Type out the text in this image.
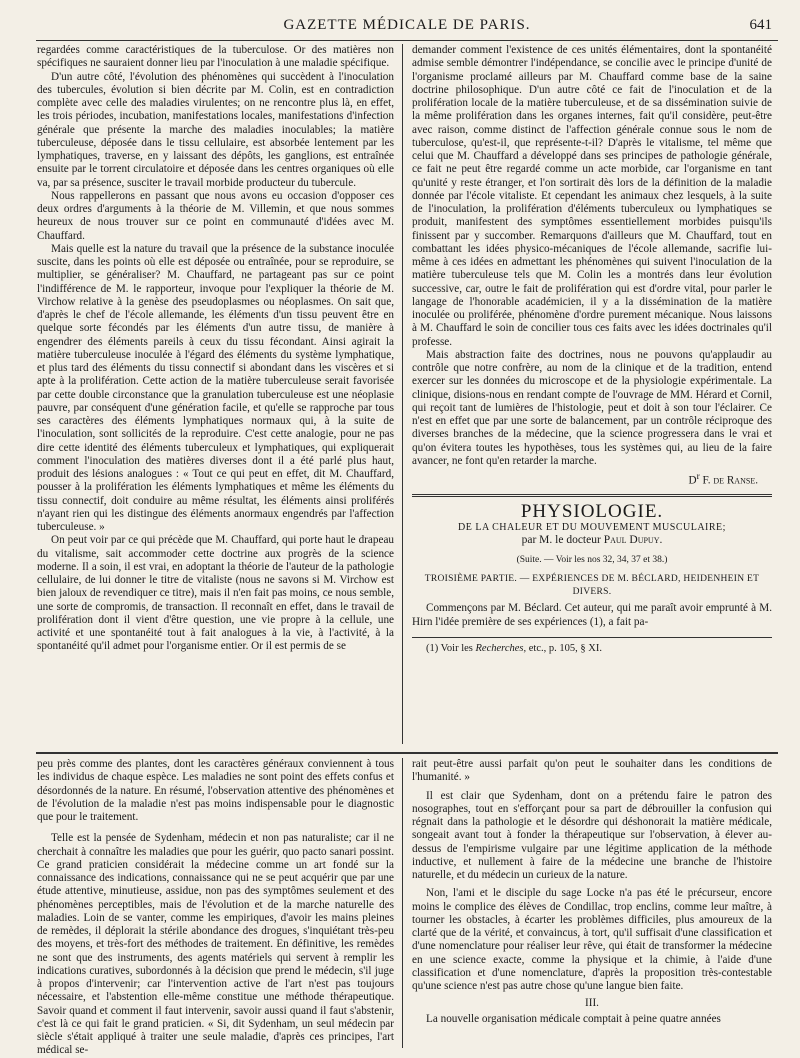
GAZETTE MÉDICALE DE PARIS.	641

regardées comme caractéristiques de la tuberculose. Or des matières non spécifiques ne sauraient donner lieu par l'inoculation à une maladie spécifique.

D'un autre côté, l'évolution des phénomènes qui succèdent à l'inoculation des tubercules, évolution si bien décrite par M. Colin, est en contradiction complète avec celle des maladies virulentes; on ne rencontre plus là, en effet, les trois périodes, incubation, manifestations locales, manifestations d'infection générale que présente la marche des maladies inoculables; la matière tuberculeuse, déposée dans le tissu cellulaire, est absorbée lentement par les lymphatiques, traverse, en y laissant des dépôts, les ganglions, est entraînée ensuite par le torrent circulatoire et déposée dans les centres organiques où elle va, par sa présence, susciter le travail morbide producteur du tubercule.

Nous rappellerons en passant que nous avons eu occasion d'opposer ces deux ordres d'arguments à la théorie de M. Villemin, et que nous sommes heureux de nous trouver sur ce point en communauté d'idées avec M. Chauffard.

Mais quelle est la nature du travail que la présence de la substance inoculée suscite, dans les points où elle est déposée ou entraînée, pour se reproduire, se multiplier, se généraliser? M. Chauffard, ne partageant pas sur ce point l'indifférence de M. le rapporteur, invoque pour l'expliquer la théorie de M. Virchow relative à la genèse des pseudoplasmes ou néoplasmes. On sait que, d'après le chef de l'école allemande, les éléments d'un tissu peuvent être en quelque sorte fécondés par les éléments d'un autre tissu, de manière à engendrer des éléments pareils à ceux du tissu fécondant. Ainsi agirait la matière tuberculeuse inoculée à l'égard des éléments du système lymphatique, et plus tard des éléments du tissu connectif si abondant dans les viscères et si apte à la prolifération. Cette action de la matière tuberculeuse serait favorisée par cette double circonstance que la granulation tuberculeuse est une néoplasie pauvre, par conséquent d'une génération facile, et qu'elle se rapproche par tous ses caractères des éléments lymphatiques normaux qui, à la suite de l'inoculation, sont sollicités de la reproduire. C'est cette analogie, pour ne pas dire cette identité des éléments tuberculeux et lymphatiques, qui expliquerait comment l'inoculation des matières diverses dont il a été parlé plus haut, produit des lésions analogues : « Tout ce qui peut en effet, dit M. Chauffard, pousser à la prolifération les éléments lymphatiques et même les éléments du tissu connectif, doit conduire au même résultat, les éléments ainsi proliférés n'ayant rien qui les distingue des éléments anormaux engendrés par l'affection tuberculeuse. »

On peut voir par ce qui précède que M. Chauffard, qui porte haut le drapeau du vitalisme, sait accommoder cette doctrine aux progrès de la science moderne. Il a soin, il est vrai, en adoptant la théorie de l'auteur de la pathologie cellulaire, de lui donner le titre de vitaliste (nous ne savons si M. Virchow est bien jaloux de revendiquer ce titre), mais il n'en fait pas moins, ce nous semble, une sorte de compromis, de transaction. Il reconnaît en effet, dans le travail de prolifération dont il vient d'être question, une vie propre à la cellule, une activité et une spontanéité tout à fait analogues à la vie, à l'activité, à la spontanéité qu'il admet pour l'organisme entier. Or il est permis de se

demander comment l'existence de ces unités élémentaires, dont la spontanéité admise semble démontrer l'indépendance, se concilie avec le principe d'unité de l'organisme proclamé ailleurs par M. Chauffard comme base de la saine doctrine philosophique. D'un autre côté ce fait de l'inoculation et de la prolifération locale de la matière tuberculeuse, et de sa dissémination suivie de la même prolifération dans les organes internes, fait qu'il considère, peut-être avec raison, comme distinct de l'affection générale connue sous le nom de tuberculose, qu'est-il, que représente-t-il? D'après le vitalisme, tel même que celui que M. Chauffard a développé dans ses principes de pathologie générale, ce fait ne peut être regardé comme un acte morbide, car l'organisme en tant qu'unité y reste étranger, et l'on sortirait dès lors de la définition de la maladie donnée par l'école vitaliste. Et cependant les animaux chez lesquels, à la suite de l'inoculation, la prolifération d'éléments tuberculeux ou lymphatiques se produit, manifestent des symptômes essentiellement morbides puisqu'ils finissent par y succomber. Remarquons d'ailleurs que M. Chauffard, tout en combattant les idées physico-mécaniques de l'école allemande, sacrifie lui-même à ces idées en admettant les phénomènes qui suivent l'inoculation de la matière tuberculeuse tels que M. Colin les a montrés dans leur évolution successive, car, outre le fait de prolifération qui est d'ordre vital, pour parler le langage de l'honorable académicien, il y a la dissémination de la matière inoculée ou proliférée, phénomène d'ordre purement mécanique. Nous laissons à M. Chauffard le soin de concilier tous ces faits avec les idées doctrinales qu'il professe.

Mais abstraction faite des doctrines, nous ne pouvons qu'applaudir au contrôle que notre confrère, au nom de la clinique et de la tradition, entend exercer sur les données du microscope et de la physiologie expérimentale. La clinique, disions-nous en rendant compte de l'ouvrage de MM. Hérard et Cornil, qui reçoit tant de lumières de l'histologie, peut et doit à son tour l'éclairer. Ce n'est en effet que par une sorte de balancement, par un contrôle réciproque des diverses branches de la médecine, que la science progressera dans le vrai et qu'on évitera toutes les hypothèses, tous les systèmes qui, au lieu de la faire avancer, ne font qu'en retarder la marche.

$D^r$ F. de Ranse.

PHYSIOLOGIE.

DE LA CHALEUR ET DU MOUVEMENT MUSCULAIRE;

par M. le docteur Paul Dupuy.

(Suite. — Voir les nos 32, 34, 37 et 38.)

TROISIÈME PARTIE. — EXPÉRIENCES DE M. BÉCLARD, HEIDENHEIN ET DIVERS.

Commençons par M. Béclard. Cet auteur, qui me paraît avoir emprunté à M. Hirn l'idée première de ses expériences (1), a fait pa-

(1) Voir les Recherches, etc., p. 105, § XI.

peu près comme des plantes, dont les caractères généraux conviennent à tous les individus de chaque espèce. Les maladies ne sont point des effets confus et désordonnés de la nature. En résumé, l'observation attentive des phénomènes et de l'évolution de la maladie n'est pas moins indispensable pour le diagnostic que pour le traitement.

Telle est la pensée de Sydenham, médecin et non pas naturaliste; car il ne cherchait à connaître les maladies que pour les guérir, quo pacto sanari possint. Ce grand praticien considérait la médecine comme un art fondé sur la connaissance des indications, connaissance qui ne se peut acquérir que par une étude attentive, minutieuse, assidue, non pas des symptômes seulement et des phénomènes perceptibles, mais de l'évolution et de la marche naturelle des maladies. Loin de se vanter, comme les empiriques, d'avoir les mains pleines de remèdes, il déplorait la stérile abondance des drogues, s'inquiétant très-peu des moyens, et très-fort des méthodes de traitement. En définitive, les remèdes ne sont que des instruments, des agents matériels qui servent à remplir les indications curatives, subordonnés à la décision que prend le médecin, s'il juge à propos d'intervenir; car l'intervention active de l'art n'est pas toujours nécessaire, et l'abstention elle-même constitue une méthode thérapeutique. Savoir quand et comment il faut intervenir, savoir aussi quand il faut s'abstenir, c'est là ce qui fait le grand praticien. « Si, dit Sydenham, un seul médecin par siècle s'était appliqué à traiter une seule maladie, d'après ces principes, l'art médical se-

rait peut-être aussi parfait qu'on peut le souhaiter dans les conditions de l'humanité. »

Il est clair que Sydenham, dont on a prétendu faire le patron des nosographes, tout en s'efforçant pour sa part de débrouiller la confusion qui régnait dans la pathologie et le désordre qui déshonorait la matière médicale, songeait avant tout à fonder la thérapeutique sur l'observation, à élever au-dessus de l'empirisme vulgaire par une légitime application de la méthode inductive, et nullement à faire de la médecine une branche de l'histoire naturelle, et du médecin un curieux de la nature.

Non, l'ami et le disciple du sage Locke n'a pas été le précurseur, encore moins le complice des élèves de Condillac, trop enclins, comme leur maître, à tourner les obstacles, à écarter les problèmes difficiles, plus amoureux de la clarté que de la vérité, et convaincus, à tort, qu'il suffisait d'une classification et d'une nomenclature pour réaliser leur rêve, qui était de transformer la médecine en une science exacte, comme la physique et la chimie, à l'aide d'une classification et d'une nomenclature, d'après la proposition très-contestable qu'une science n'est pas autre chose qu'une langue bien faite.

III.

La nouvelle organisation médicale comptait à peine quatre années
